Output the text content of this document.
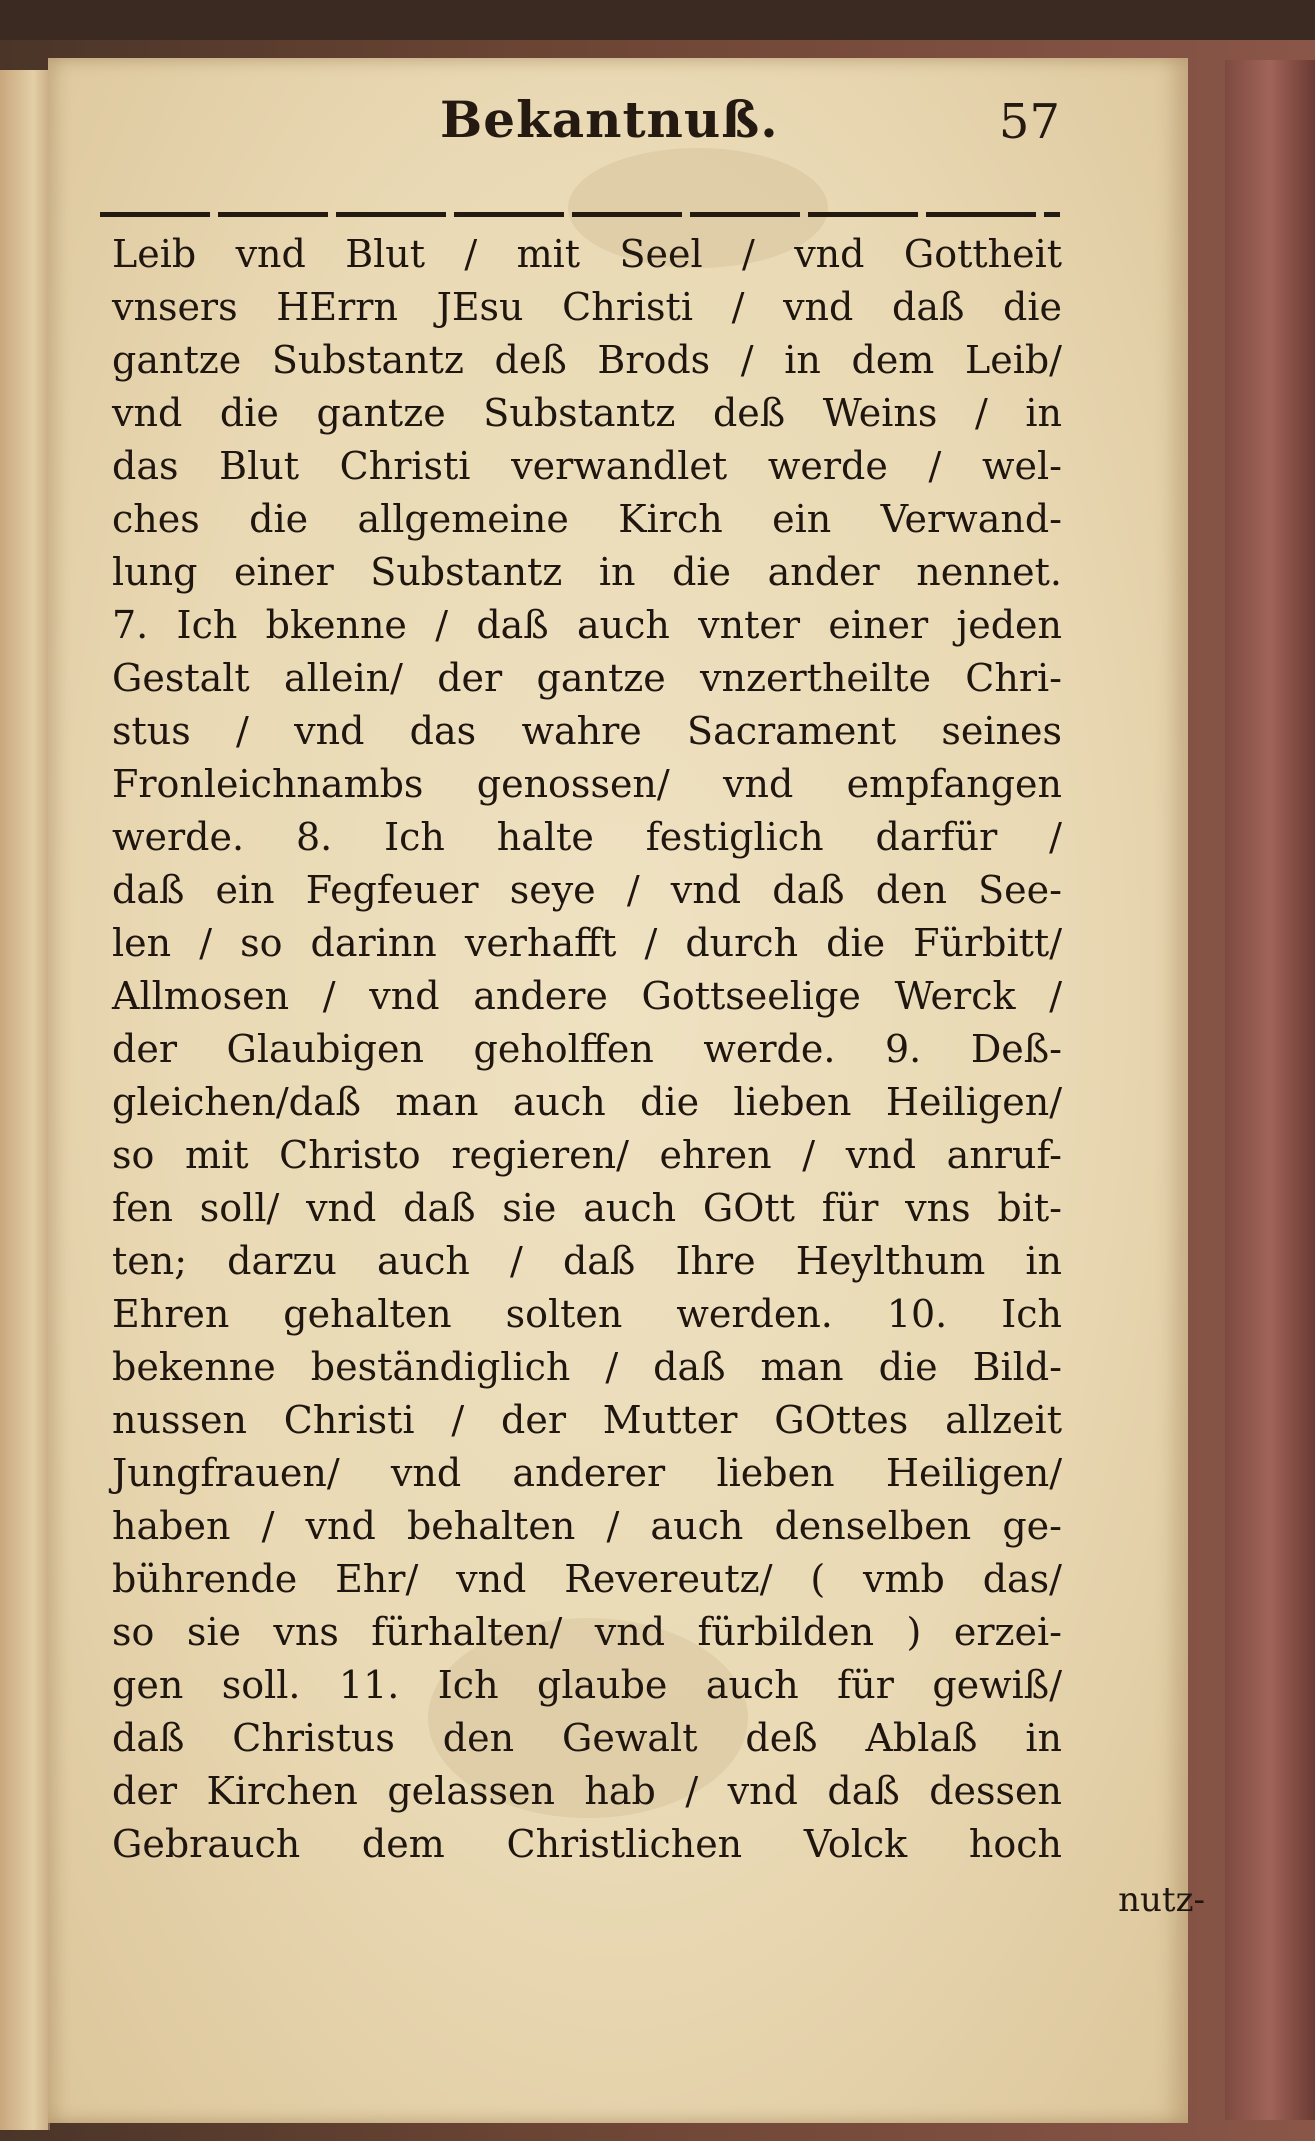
Bekantnuß.	57
Leib vnd Blut / mit Seel / vnd Gottheit
vnsers HErrn JEsu Christi / vnd daß die
gantze Substantz deß Brods / in dem Leib/
vnd die gantze Substantz deß Weins / in
das Blut Christi verwandlet werde / wel-
ches die allgemeine Kirch ein Verwand-
lung einer Substantz in die ander nennet.
7. Ich bkenne / daß auch vnter einer jeden
Gestalt allein/ der gantze vnzertheilte Chri-
stus / vnd das wahre Sacrament seines
Fronleichnambs genossen/ vnd empfangen
werde. 8. Ich halte festiglich darfür /
daß ein Fegfeuer seye / vnd daß den See-
len / so darinn verhafft / durch die Fürbitt/
Allmosen / vnd andere Gottseelige Werck /
der Glaubigen geholffen werde. 9. Deß-
gleichen/daß man auch die lieben Heiligen/
so mit Christo regieren/ ehren / vnd anruf-
fen soll/ vnd daß sie auch GOtt für vns bit-
ten; darzu auch / daß Ihre Heylthum in
Ehren gehalten solten werden. 10. Ich
bekenne beständiglich / daß man die Bild-
nussen Christi / der Mutter GOttes allzeit
Jungfrauen/ vnd anderer lieben Heiligen/
haben / vnd behalten / auch denselben ge-
bührende Ehr/ vnd Revereutz/ ( vmb das/
so sie vns fürhalten/ vnd fürbilden ) erzei-
gen soll. 11. Ich glaube auch für gewiß/
daß Christus den Gewalt deß Ablaß in
der Kirchen gelassen hab / vnd daß dessen
Gebrauch dem Christlichen Volck hoch
nutz-
